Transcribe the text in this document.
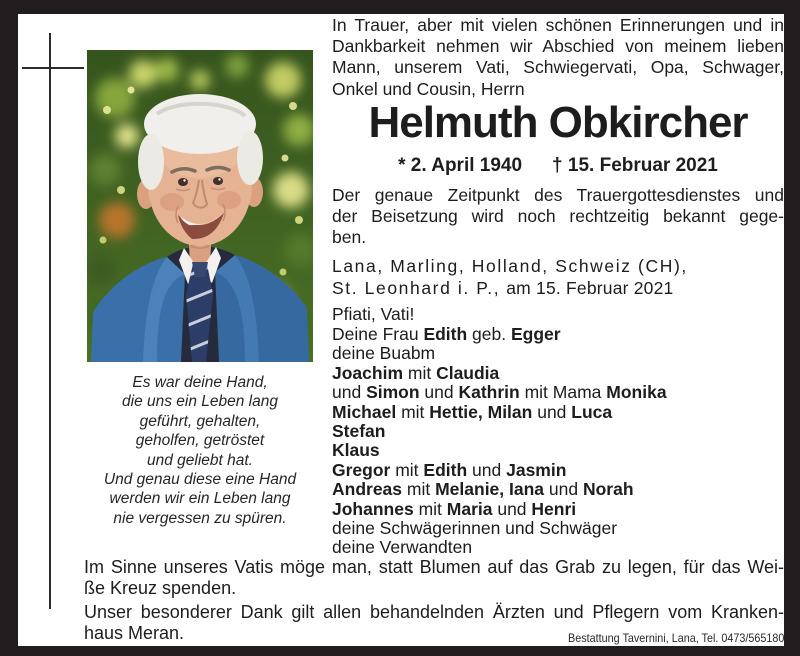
Es war deine Hand,
die uns ein Leben lang
geführt, gehalten,
geholfen, getröstet
und geliebt hat.
Und genau diese eine Hand
werden wir ein Leben lang
nie vergessen zu spüren.
In Trauer, aber mit vielen schönen Erinnerungen und in
Dankbarkeit nehmen wir Abschied von meinem lieben
Mann, unserem Vati, Schwiegervati, Opa, Schwager,
Onkel und Cousin, Herrn
Helmuth Obkircher
* 2. April 1940 † 15. Februar 2021
Der genaue Zeitpunkt des Trauergottesdienstes und
der Beisetzung wird noch rechtzeitig bekannt gege-
ben.
Lana, Marling, Holland, Schweiz (CH),
St. Leonhard i. P., am 15. Februar 2021
Pfiati, Vati!
Deine Frau Edith geb. Egger
deine Buabm
Joachim mit Claudia
und Simon und Kathrin mit Mama Monika
Michael mit Hettie, Milan und Luca
Stefan
Klaus
Gregor mit Edith und Jasmin
Andreas mit Melanie, Iana und Norah
Johannes mit Maria und Henri
deine Schwägerinnen und Schwäger
deine Verwandten
Im Sinne unseres Vatis möge man, statt Blumen auf das Grab zu legen, für das Wei-
ße Kreuz spenden.
Unser besonderer Dank gilt allen behandelnden Ärzten und Pflegern vom Kranken-
haus Meran.	Bestattung Tavernini, Lana, Tel. 0473/565180
